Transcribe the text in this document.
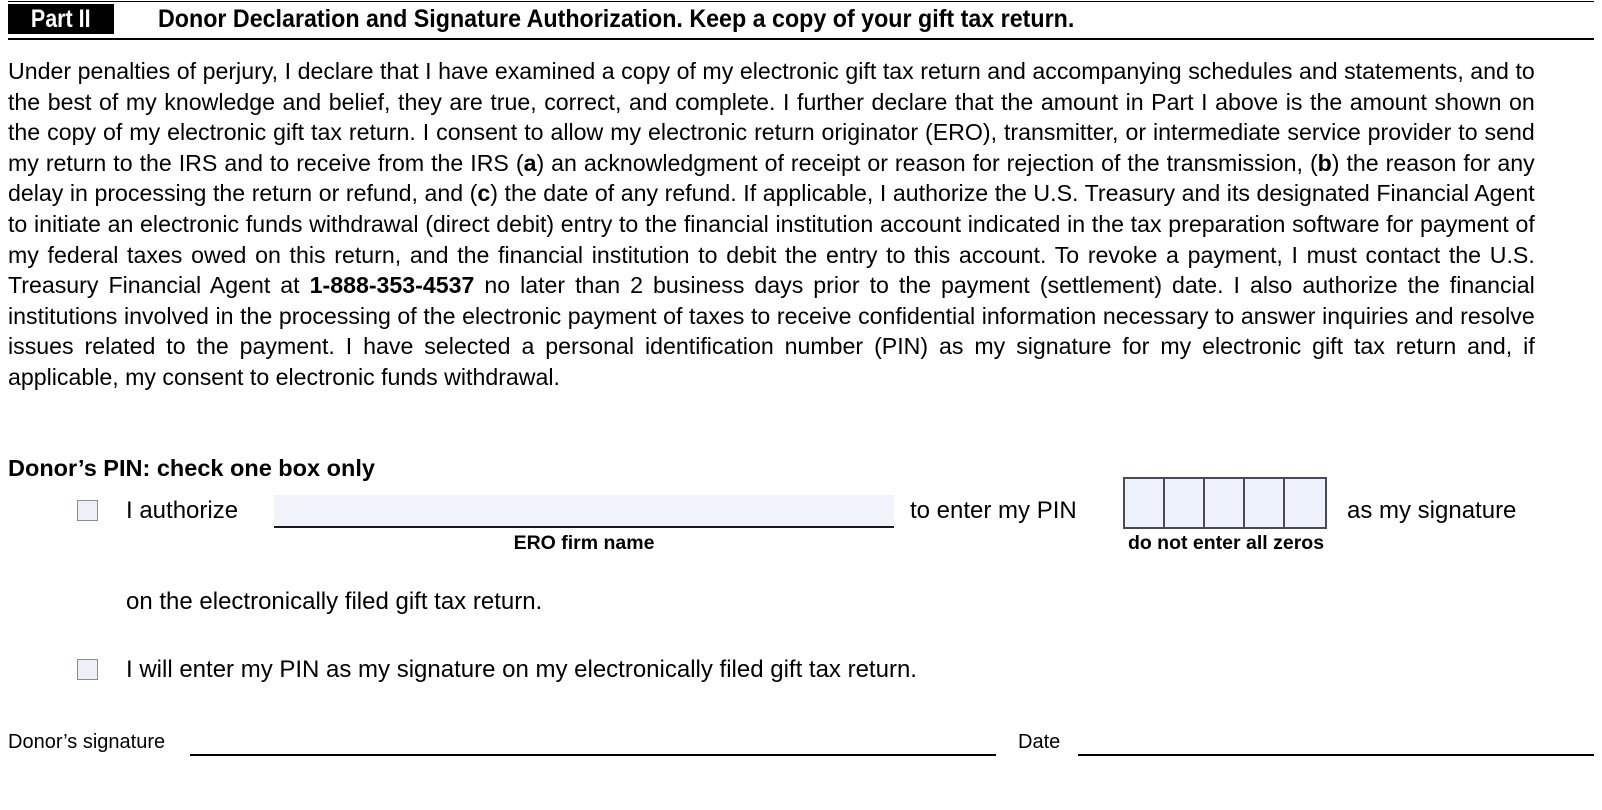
Part II	Donor Declaration and Signature Authorization. Keep a copy of your gift tax return.
Under penalties of perjury, I declare that I have examined a copy of my electronic gift tax return and accompanying schedules and statements, and to the best of my knowledge and belief, they are true, correct, and complete. I further declare that the amount in Part I above is the amount shown on the copy of my electronic gift tax return. I consent to allow my electronic return originator (ERO), transmitter, or intermediate service provider to send my return to the IRS and to receive from the IRS (a) an acknowledgment of receipt or reason for rejection of the transmission, (b) the reason for any delay in processing the return or refund, and (c) the date of any refund. If applicable, I authorize the U.S. Treasury and its designated Financial Agent to initiate an electronic funds withdrawal (direct debit) entry to the financial institution account indicated in the tax preparation software for payment of my federal taxes owed on this return, and the financial institution to debit the entry to this account. To revoke a payment, I must contact the U.S. Treasury Financial Agent at 1-888-353-4537 no later than 2 business days prior to the payment (settlement) date. I also authorize the financial institutions involved in the processing of the electronic payment of taxes to receive confidential information necessary to answer inquiries and resolve issues related to the payment. I have selected a personal identification number (PIN) as my signature for my electronic gift tax return and, if applicable, my consent to electronic funds withdrawal.
Donor’s PIN: check one box only
I authorize
ERO firm name
to enter my PIN
do not enter all zeros
as my signature
on the electronically filed gift tax return.
I will enter my PIN as my signature on my electronically filed gift tax return.
Donor’s signature	Date
